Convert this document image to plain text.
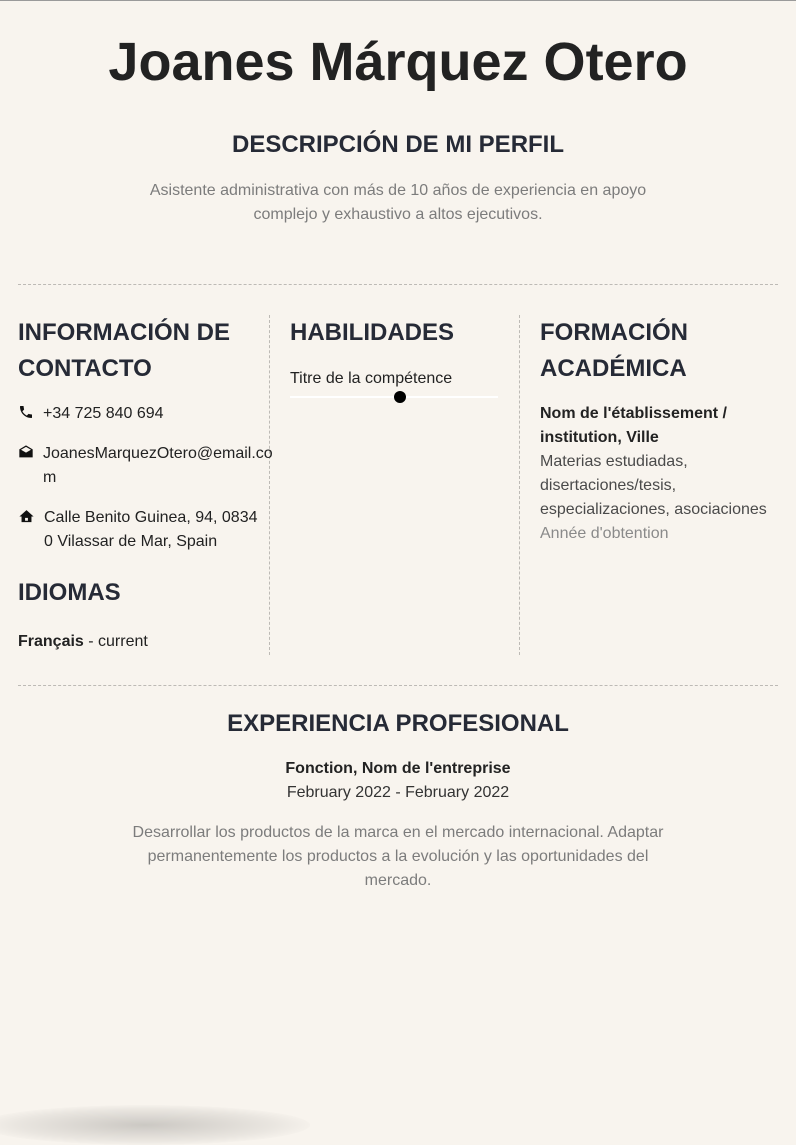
Joanes Márquez Otero
DESCRIPCIÓN DE MI PERFIL

Asistente administrativa con más de 10 años de experiencia en apoyo complejo y exhaustivo a altos ejecutivos.

INFORMACIÓN DE CONTACTO
+34 725 840 694
JoanesMarquezOtero@email.com
Calle Benito Guinea, 94, 08340 Vilassar de Mar, Spain
IDIOMAS
Français - current
HABILIDADES
Titre de la compétence
FORMACIÓN ACADÉMICA
Nom de l'établissement / institution, Ville
Materias estudiadas, disertaciones/tesis, especializaciones, asociaciones
Année d'obtention
EXPERIENCIA PROFESIONAL
Fonction, Nom de l'entreprise
February 2022 - February 2022
Desarrollar los productos de la marca en el mercado internacional. Adaptar permanentemente los productos a la evolución y las oportunidades del mercado.
